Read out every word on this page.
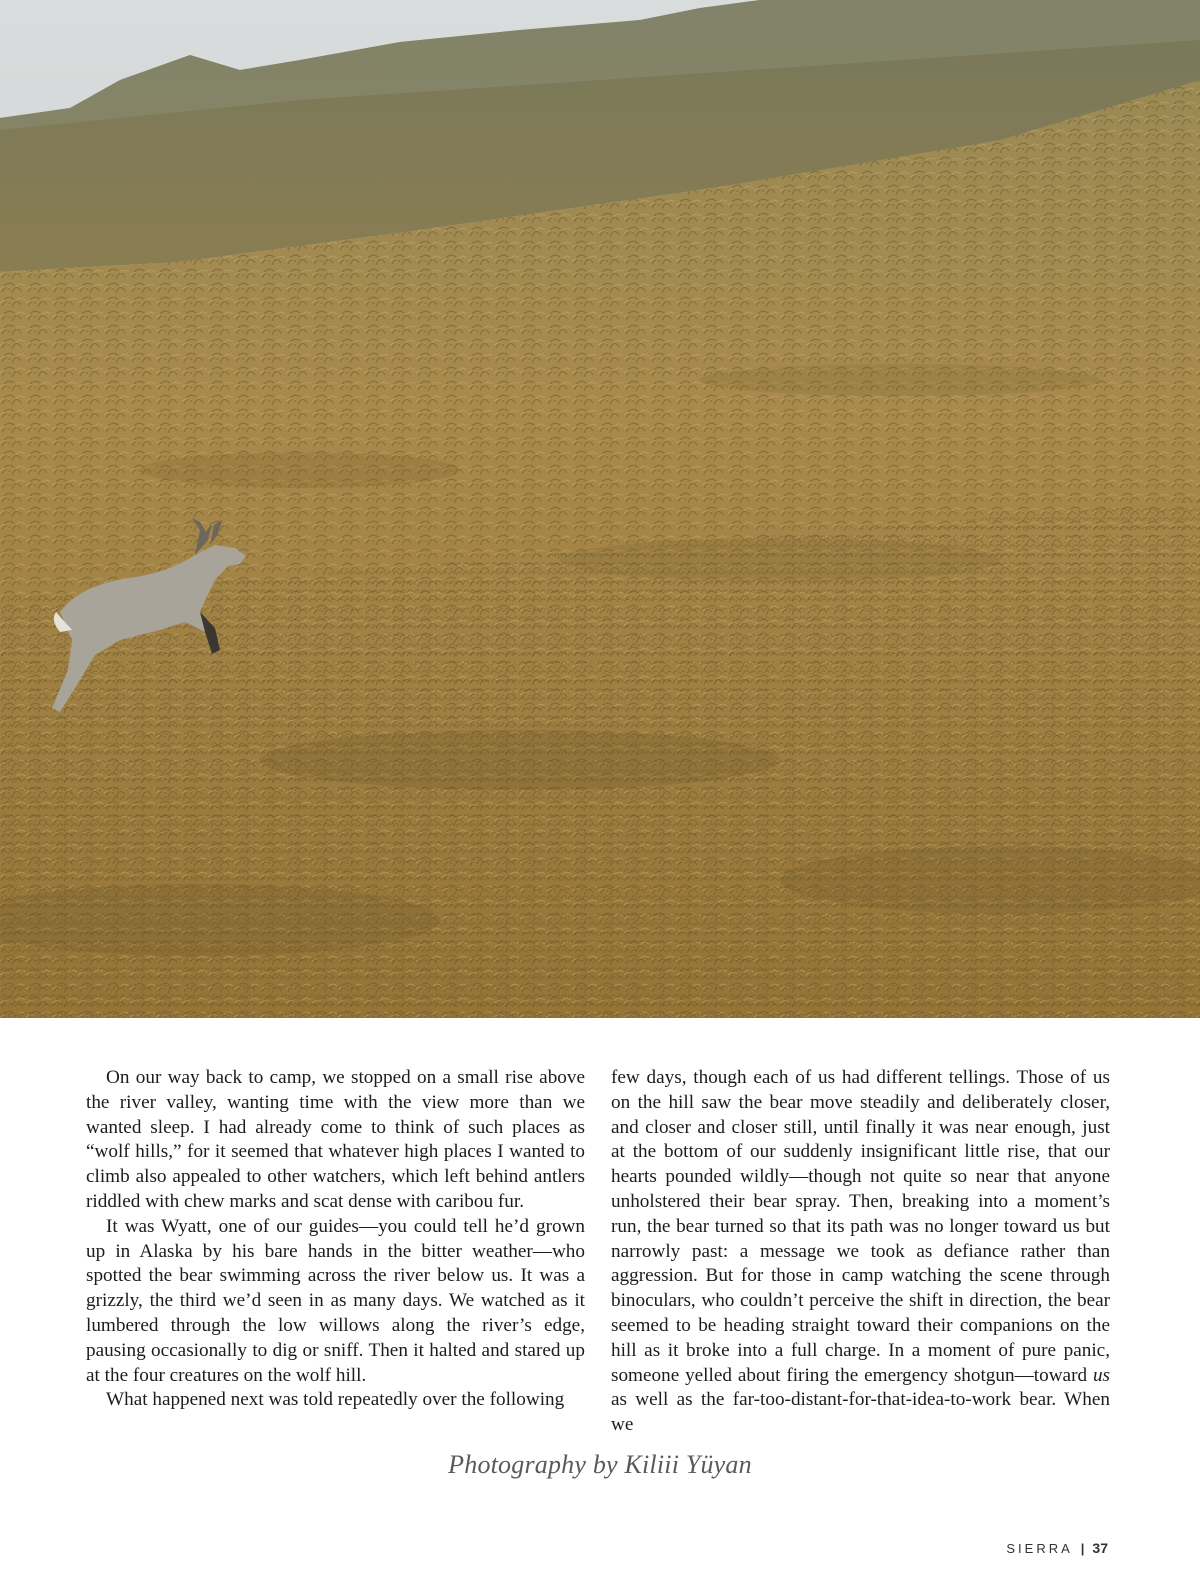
On our way back to camp, we stopped on a small rise above the river valley, wanting time with the view more than we wanted sleep. I had already come to think of such places as “wolf hills,” for it seemed that whatever high places I wanted to climb also appealed to other watchers, which left behind antlers riddled with chew marks and scat dense with caribou fur.

It was Wyatt, one of our guides—you could tell he’d grown up in Alaska by his bare hands in the bitter weather—who spotted the bear swimming across the river below us. It was a grizzly, the third we’d seen in as many days. We watched as it lumbered through the low willows along the river’s edge, pausing occasionally to dig or sniff. Then it halted and stared up at the four creatures on the wolf hill.

What happened next was told repeatedly over the following

few days, though each of us had different tellings. Those of us on the hill saw the bear move steadily and deliberately closer, and closer and closer still, until finally it was near enough, just at the bottom of our suddenly insignificant little rise, that our hearts pounded wildly—though not quite so near that anyone unholstered their bear spray. Then, breaking into a moment’s run, the bear turned so that its path was no longer toward us but narrowly past: a message we took as defiance rather than aggression. But for those in camp watching the scene through binoculars, who couldn’t perceive the shift in direction, the bear seemed to be heading straight toward their companions on the hill as it broke into a full charge. In a moment of pure panic, someone yelled about firing the emergency shotgun—toward us as well as the far-too-distant-for-that-idea-to-work bear. When we

Photography by Kiliii Yüyan
SIERRA | 37
